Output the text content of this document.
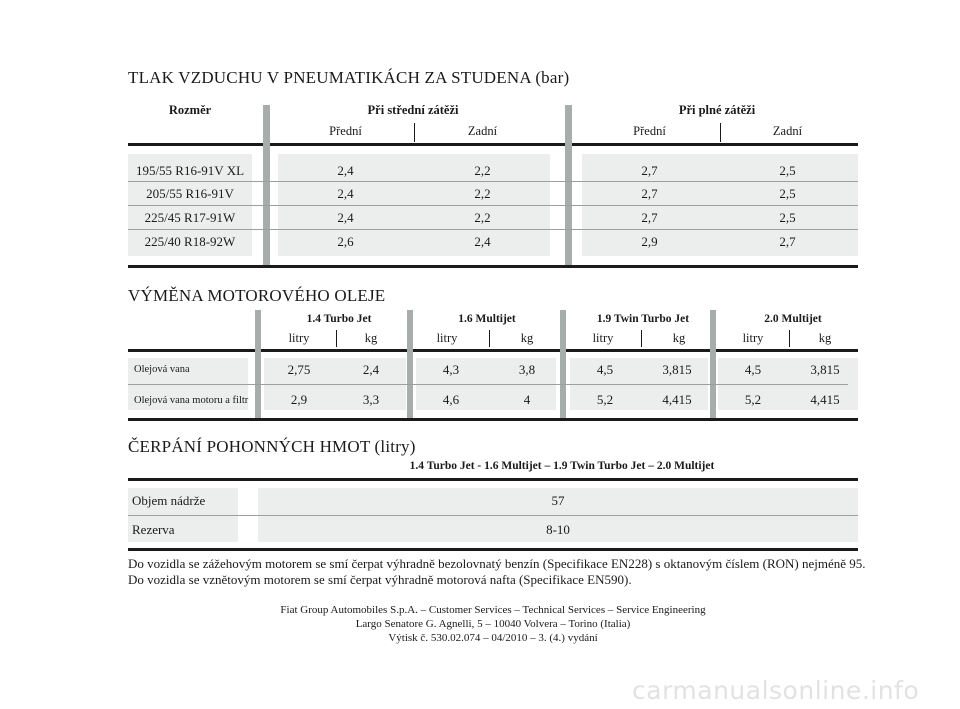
TLAK VZDUCHU V PNEUMATIKÁCH ZA STUDENA (bar)
Rozměr	Při střední zátěži	Při plné zátěži
Přední	Zadní	Přední	Zadní
195/55 R16-91V XL	2,4	2,2	2,7	2,5
205/55 R16-91V	2,4	2,2	2,7	2,5
225/45 R17-91W	2,4	2,2	2,7	2,5
225/40 R18-92W	2,6	2,4	2,9	2,7
VÝMĚNA MOTOROVÉHO OLEJE
1.4 Turbo Jet	1.6 Multijet	1.9 Twin Turbo Jet	2.0 Multijet
litry	kg	litry	kg	litry	kg	litry	kg
Olejová vana	2,75	2,4	4,3	3,8	4,5	3,815	4,5	3,815
Olejová vana motoru a filtr	2,9	3,3	4,6	4	5,2	4,415	5,2	4,415
ČERPÁNÍ POHONNÝCH HMOT (litry)
1.4 Turbo Jet - 1.6 Multijet – 1.9 Twin Turbo Jet – 2.0 Multijet
Objem nádrže	57
Rezerva	8-10
Do vozidla se zážehovým motorem se smí čerpat výhradně bezolovnatý benzín (Specifikace EN228) s oktanovým číslem (RON) nejméně 95.
Do vozidla se vznětovým motorem se smí čerpat výhradně motorová nafta (Specifikace EN590).
Fiat Group Automobiles S.p.A. – Customer Services – Technical Services – Service Engineering
Largo Senatore G. Agnelli, 5 – 10040 Volvera – Torino (Italia)
Výtisk č. 530.02.074 – 04/2010 – 3. (4.) vydání
carmanualsonline.info
